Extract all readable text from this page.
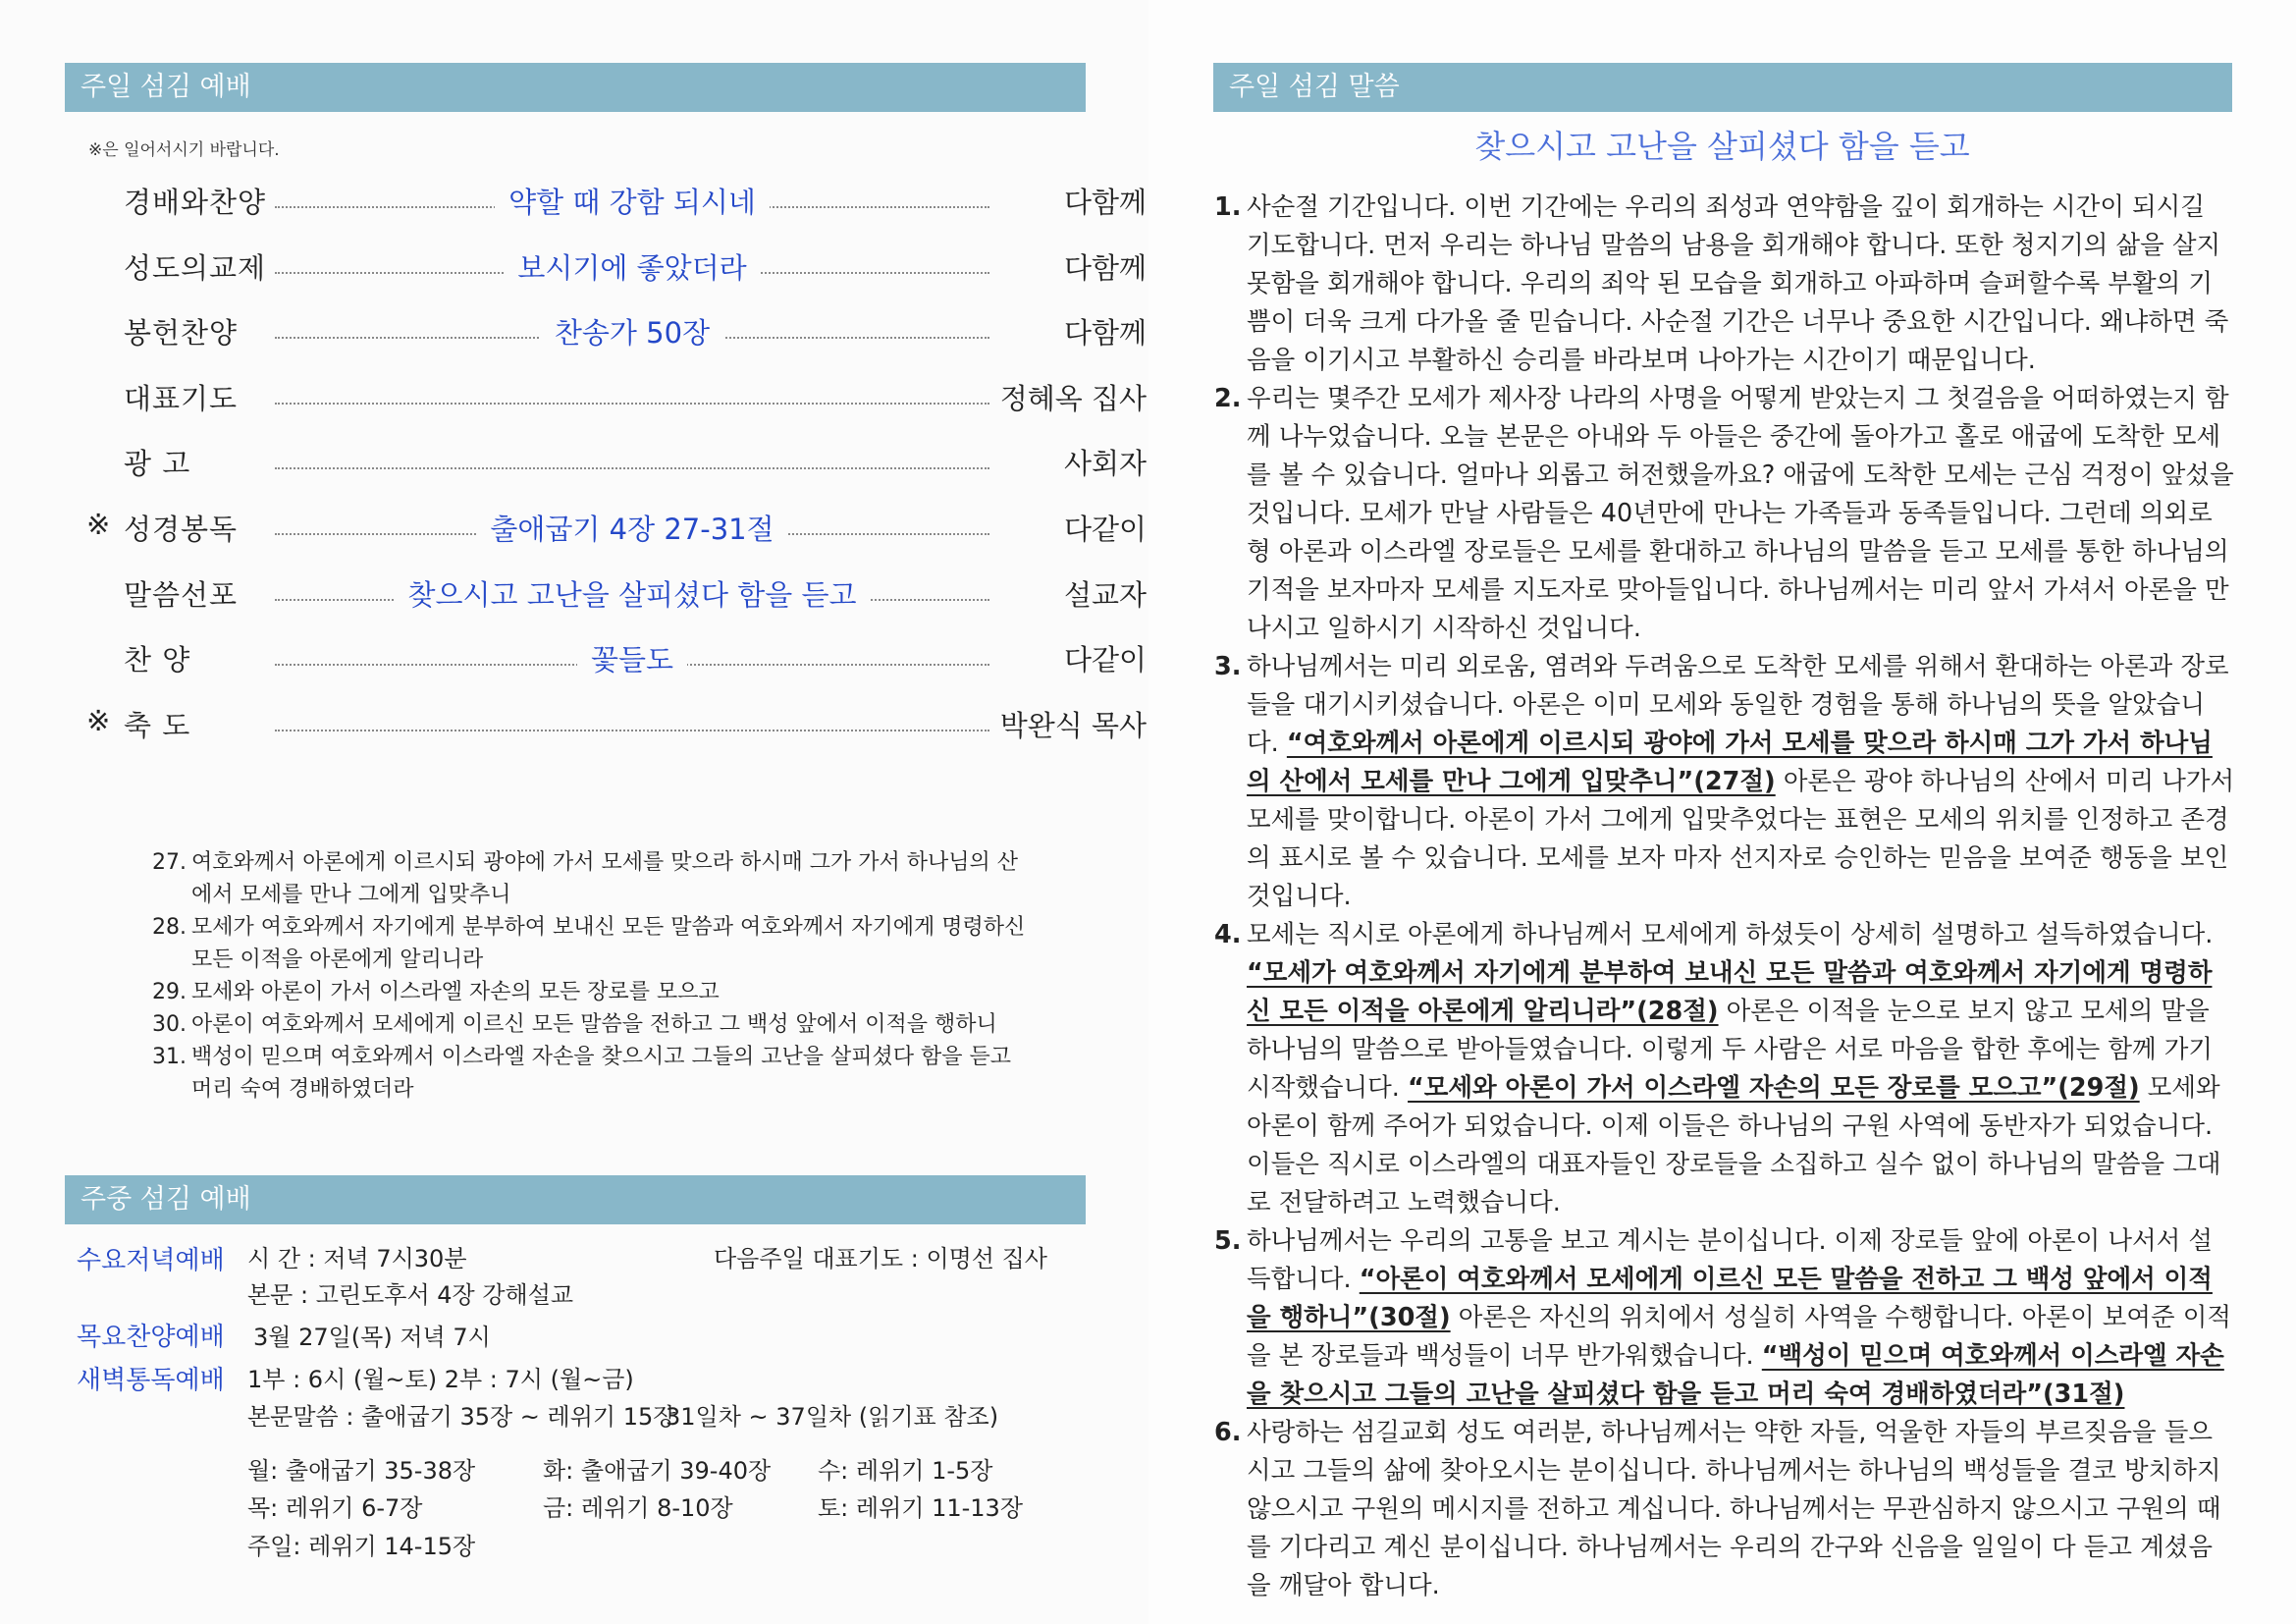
주일 섬김 예배
※은 일어서시기 바랍니다.
경배와찬양	약할 때 강함 되시네	다함께
성도의교제	보시기에 좋았더라	다함께
봉헌찬양	찬송가 50장	다함께
대표기도	정혜옥 집사
광 고	사회자
※ 성경봉독	출애굽기 4장 27-31절	다같이
말씀선포	찾으시고 고난을 살피셨다 함을 듣고	설교자
찬 양	꽃들도	다같이
※ 축 도	박완식 목사
27. 여호와께서 아론에게 이르시되 광야에 가서 모세를 맞으라 하시매 그가 가서 하나님의 산에서 모세를 만나 그에게 입맞추니
28. 모세가 여호와께서 자기에게 분부하여 보내신 모든 말씀과 여호와께서 자기에게 명령하신 모든 이적을 아론에게 알리니라
29. 모세와 아론이 가서 이스라엘 자손의 모든 장로를 모으고
30. 아론이 여호와께서 모세에게 이르신 모든 말씀을 전하고 그 백성 앞에서 이적을 행하니
31. 백성이 믿으며 여호와께서 이스라엘 자손을 찾으시고 그들의 고난을 살피셨다 함을 듣고 머리 숙여 경배하였더라
주중 섬김 예배
수요저녁예배 시 간 : 저녁 7시30분	다음주일 대표기도 : 이명선 집사
본문 : 고린도후서 4장 강해설교
목요찬양예배 3월 27일(목) 저녁 7시
새벽통독예배 1부 : 6시 (월~토) 2부 : 7시 (월~금)
본문말씀 : 출애굽기 35장 ~ 레위기 15장
31일차 ~ 37일차 (읽기표 참조)
월: 출애굽기 35-38장	화: 출애굽기 39-40장 수: 레위기 1-5장
목: 레위기 6-7장	금: 레위기 8-10장	토: 레위기 11-13장
주일: 레위기 14-15장
주일 섬김 말씀
찾으시고 고난을 살피셨다 함을 듣고
1. 사순절 기간입니다. 이번 기간에는 우리의 죄성과 연약함을 깊이 회개하는 시간이 되시길 기도합니다. 먼저 우리는 하나님 말씀의 남용을 회개해야 합니다. 또한 청지기의 삶을 살지 못함을 회개해야 합니다. 우리의 죄악 된 모습을 회개하고 아파하며 슬퍼할수록 부활의 기쁨이 더욱 크게 다가올 줄 믿습니다. 사순절 기간은 너무나 중요한 시간입니다. 왜냐하면 죽음을 이기시고 부활하신 승리를 바라보며 나아가는 시간이기 때문입니다.
2. 우리는 몇주간 모세가 제사장 나라의 사명을 어떻게 받았는지 그 첫걸음을 어떠하였는지 함께 나누었습니다. 오늘 본문은 아내와 두 아들은 중간에 돌아가고 홀로 애굽에 도착한 모세를 볼 수 있습니다. 얼마나 외롭고 허전했을까요? 애굽에 도착한 모세는 근심 걱정이 앞섰을 것입니다. 모세가 만날 사람들은 40년만에 만나는 가족들과 동족들입니다. 그런데 의외로 형 아론과 이스라엘 장로들은 모세를 환대하고 하나님의 말씀을 듣고 모세를 통한 하나님의 기적을 보자마자 모세를 지도자로 맞아들입니다. 하나님께서는 미리 앞서 가셔서 아론을 만나시고 일하시기 시작하신 것입니다.
3. 하나님께서는 미리 외로움, 염려와 두려움으로 도착한 모세를 위해서 환대하는 아론과 장로들을 대기시키셨습니다. 아론은 이미 모세와 동일한 경험을 통해 하나님의 뜻을 알았습니다. “여호와께서 아론에게 이르시되 광야에 가서 모세를 맞으라 하시매 그가 가서 하나님의 산에서 모세를 만나 그에게 입맞추니”(27절) 아론은 광야 하나님의 산에서 미리 나가서 모세를 맞이합니다. 아론이 가서 그에게 입맞추었다는 표현은 모세의 위치를 인정하고 존경의 표시로 볼 수 있습니다. 모세를 보자 마자 선지자로 승인하는 믿음을 보여준 행동을 보인 것입니다.
4. 모세는 직시로 아론에게 하나님께서 모세에게 하셨듯이 상세히 설명하고 설득하였습니다. “모세가 여호와께서 자기에게 분부하여 보내신 모든 말씀과 여호와께서 자기에게 명령하신 모든 이적을 아론에게 알리니라”(28절) 아론은 이적을 눈으로 보지 않고 모세의 말을 하나님의 말씀으로 받아들였습니다. 이렇게 두 사람은 서로 마음을 합한 후에는 함께 가기 시작했습니다. “모세와 아론이 가서 이스라엘 자손의 모든 장로를 모으고”(29절) 모세와 아론이 함께 주어가 되었습니다. 이제 이들은 하나님의 구원 사역에 동반자가 되었습니다. 이들은 직시로 이스라엘의 대표자들인 장로들을 소집하고 실수 없이 하나님의 말씀을 그대로 전달하려고 노력했습니다.
5. 하나님께서는 우리의 고통을 보고 계시는 분이십니다. 이제 장로들 앞에 아론이 나서서 설득합니다. “아론이 여호와께서 모세에게 이르신 모든 말씀을 전하고 그 백성 앞에서 이적을 행하니”(30절) 아론은 자신의 위치에서 성실히 사역을 수행합니다. 아론이 보여준 이적을 본 장로들과 백성들이 너무 반가워했습니다. “백성이 믿으며 여호와께서 이스라엘 자손을 찾으시고 그들의 고난을 살피셨다 함을 듣고 머리 숙여 경배하였더라”(31절)
6. 사랑하는 섬길교회 성도 여러분, 하나님께서는 약한 자들, 억울한 자들의 부르짖음을 들으시고 그들의 삶에 찾아오시는 분이십니다. 하나님께서는 하나님의 백성들을 결코 방치하지 않으시고 구원의 메시지를 전하고 계십니다. 하나님께서는 무관심하지 않으시고 구원의 때를 기다리고 계신 분이십니다. 하나님께서는 우리의 간구와 신음을 일일이 다 듣고 계셨음을 깨달아 합니다.
